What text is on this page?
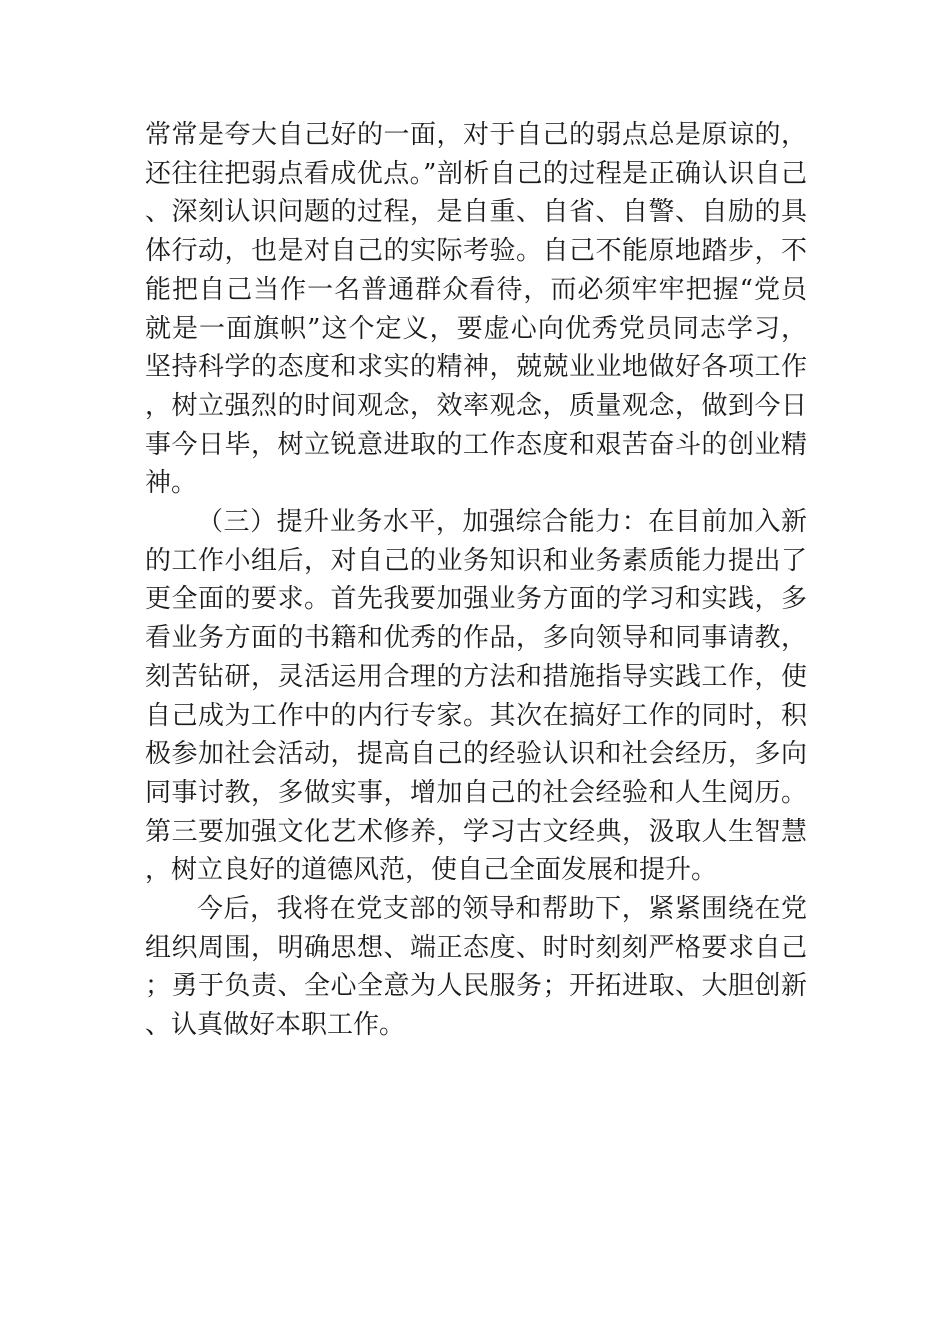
常常是夸大自己好的一面，对于自己的弱点总是原谅的，还往往把弱点看成优点。”剖析自己的过程是正确认识自己、深刻认识问题的过程，是自重、自省、自警、自励的具体行动，也是对自己的实际考验。自己不能原地踏步，不能把自己当作一名普通群众看待，而必须牢牢把握“党员就是一面旗帜”这个定义，要虚心向优秀党员同志学习，坚持科学的态度和求实的精神，兢兢业业地做好各项工作，树立强烈的时间观念，效率观念，质量观念，做到今日事今日毕，树立锐意进取的工作态度和艰苦奋斗的创业精神。

（三）提升业务水平，加强综合能力：在目前加入新的工作小组后，对自己的业务知识和业务素质能力提出了更全面的要求。首先我要加强业务方面的学习和实践，多看业务方面的书籍和优秀的作品，多向领导和同事请教，刻苦钻研，灵活运用合理的方法和措施指导实践工作，使自己成为工作中的内行专家。其次在搞好工作的同时，积极参加社会活动，提高自己的经验认识和社会经历，多向同事讨教，多做实事，增加自己的社会经验和人生阅历。第三要加强文化艺术修养，学习古文经典，汲取人生智慧，树立良好的道德风范，使自己全面发展和提升。

今后，我将在党支部的领导和帮助下，紧紧围绕在党组织周围，明确思想、端正态度、时时刻刻严格要求自己；勇于负责、全心全意为人民服务；开拓进取、大胆创新、认真做好本职工作。
